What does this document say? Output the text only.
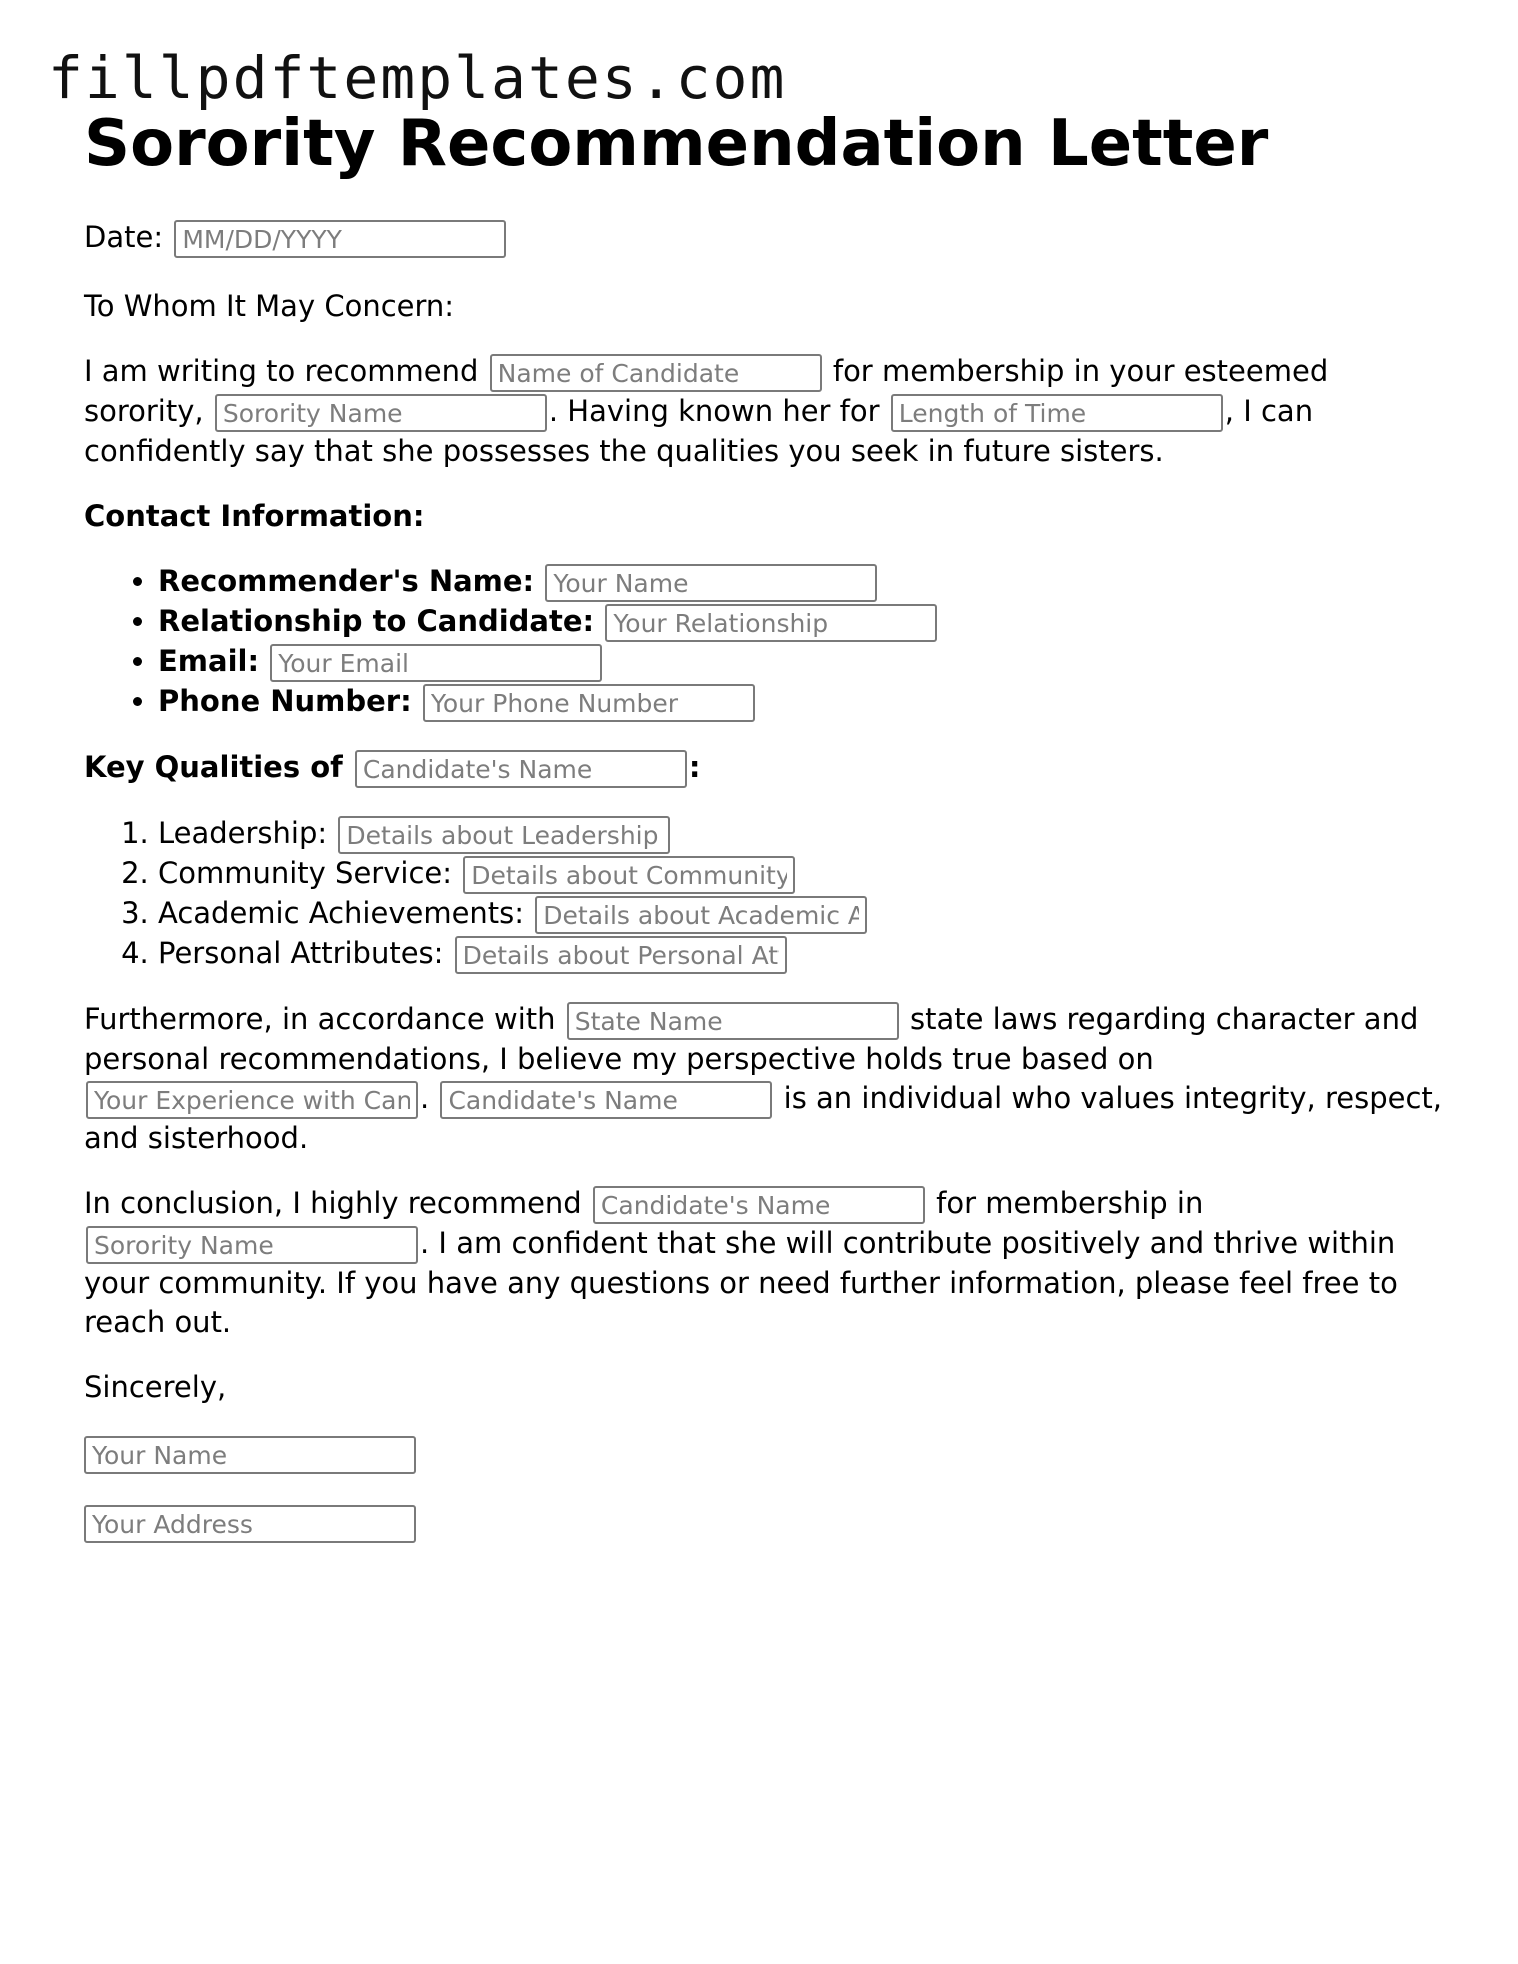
fillpdftemplates.com
Sorority Recommendation Letter

Date: MM/DD/YYYY

To Whom It May Concern:

I am writing to recommend Name of Candidate	for membership in your esteemed sorority, Sorority Name	. Having known her for Length of Time	, I can confidently say that she possesses the qualities you seek in future sisters.

Contact Information:

• Recommender's Name: Your Name
• Relationship to Candidate: Your Relationship
• Email: Your Email
• Phone Number: Your Phone Number

Key Qualities of Candidate's Name	:

1. Leadership: Details about Leadership Qualities
2. Community Service: Details about Community Service
3. Academic Achievements: Details about Academic Achievements
4. Personal Attributes: Details about Personal Attributes

Furthermore, in accordance with State Name	state laws regarding character and personal recommendations, I believe my perspective holds true based on Your Experience with Candidate. Candidate's Name	is an individual who values integrity, respect, and sisterhood.

In conclusion, I highly recommend Candidate's Name	for membership in Sorority Name. I am confident that she will contribute positively and thrive within your community. If you have any questions or need further information, please feel free to reach out.

Sincerely,

Your Name
Your Address
